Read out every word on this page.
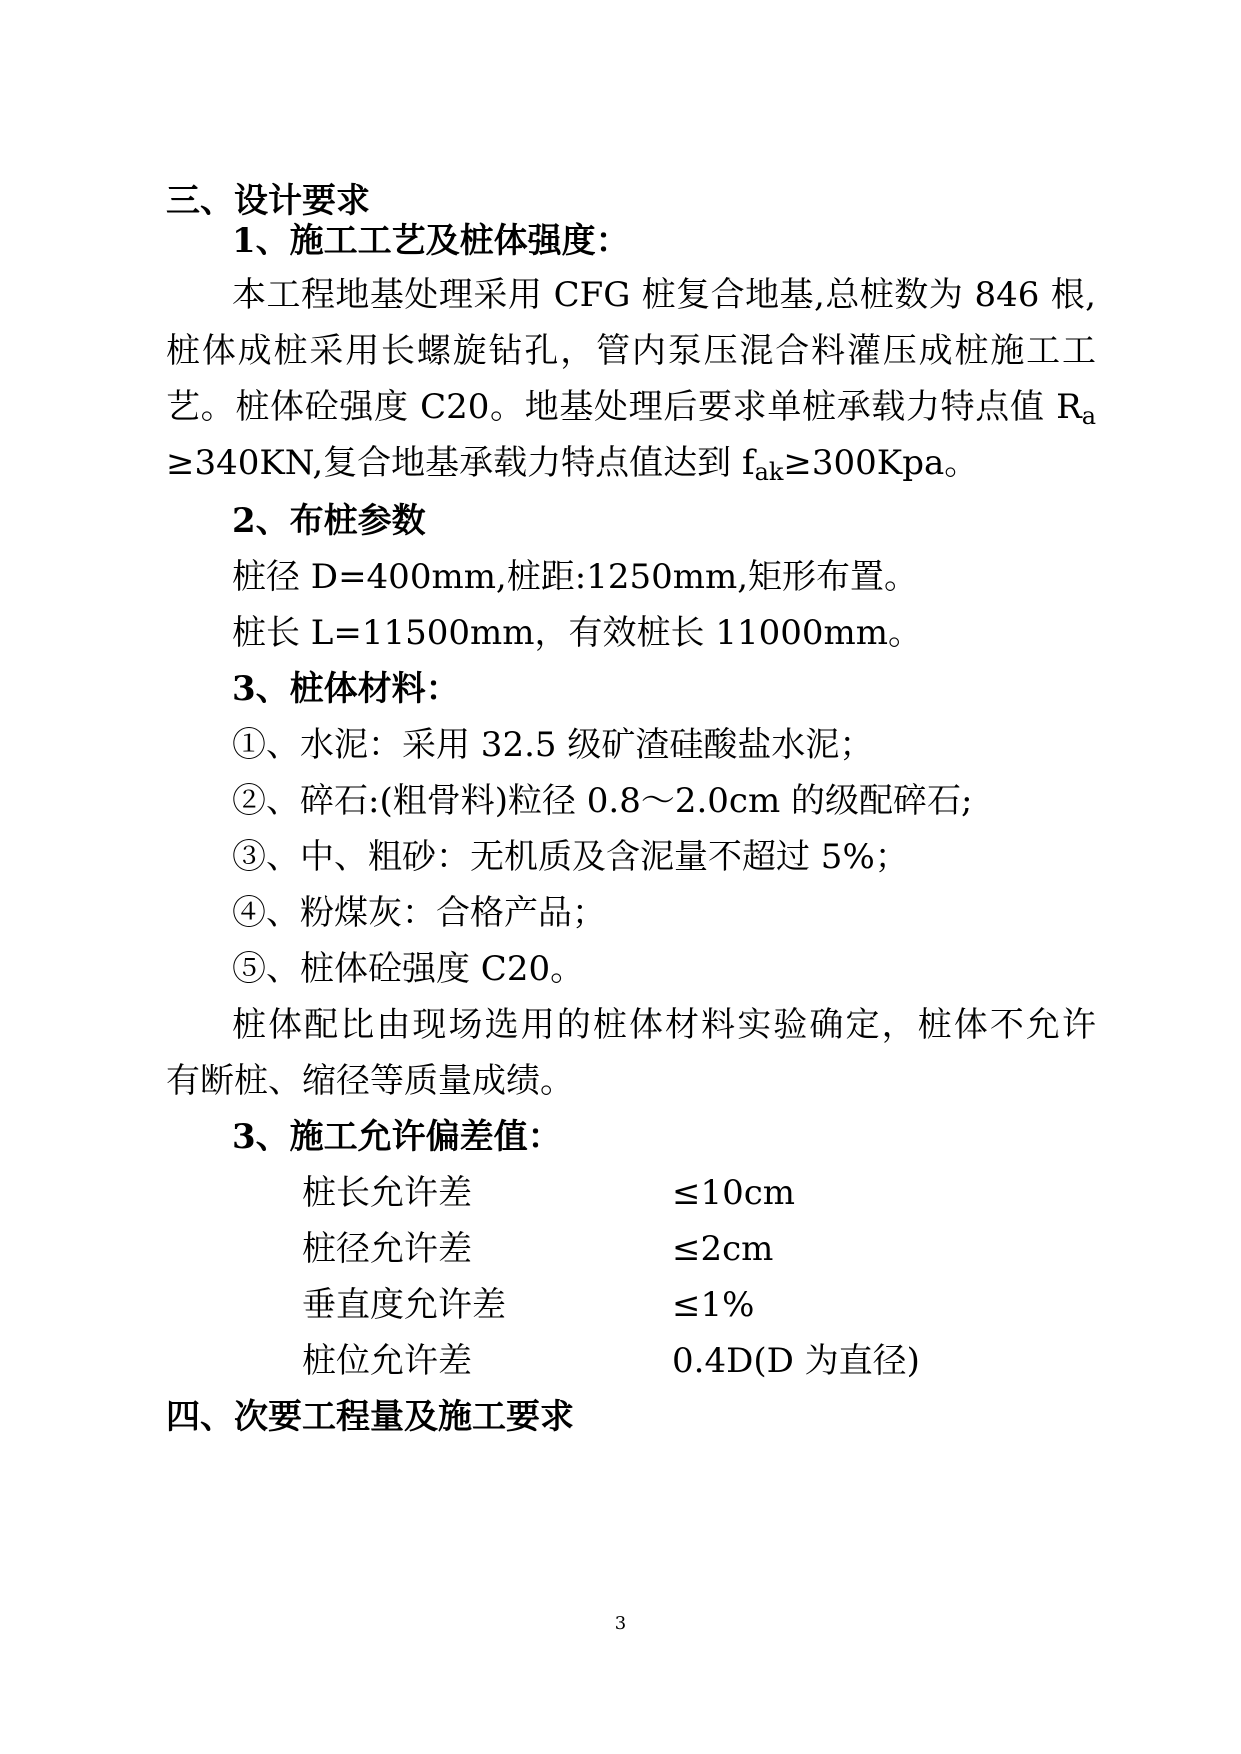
三、设计要求
1、施工工艺及桩体强度：
本工程地基处理采用 CFG 桩复合地基,总桩数为 846 根,
桩体成桩采用长螺旋钻孔，管内泵压混合料灌压成桩施工工
艺。桩体砼强度 C20。地基处理后要求单桩承载力特点值 $R_a$
≥340KN,复合地基承载力特点值达到 $f_{ak}\ge 300Kpa$。
2、布桩参数
桩径 D=400mm,桩距:1250mm,矩形布置。
桩长 L=11500mm，有效桩长 11000mm。
3、桩体材料：
①、水泥：采用 32.5 级矿渣硅酸盐水泥；
②、碎石:(粗骨料)粒径 0.8～2.0cm 的级配碎石;
③、中、粗砂：无机质及含泥量不超过 5%；
④、粉煤灰：合格产品；
⑤、桩体砼强度 C20。
桩体配比由现场选用的桩体材料实验确定，桩体不允许
有断桩、缩径等质量成绩。
3、施工允许偏差值：
桩长允许差	≤10cm
桩径允许差	≤2cm
垂直度允许差	≤1%
桩位允许差	0.4D(D 为直径)
四、次要工程量及施工要求
3
